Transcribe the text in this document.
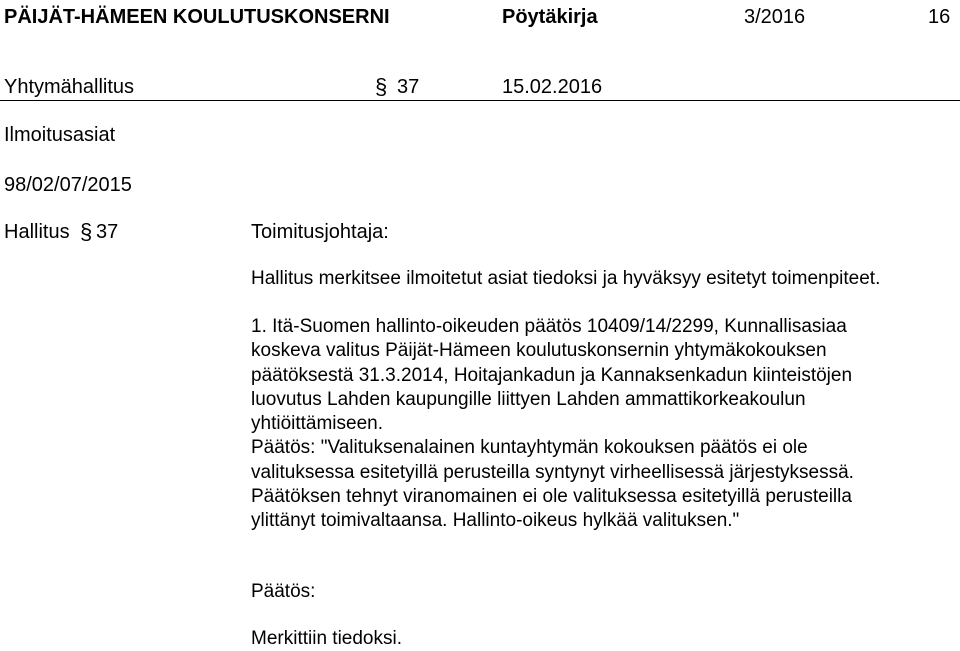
PÄIJÄT-HÄMEEN KOULUTUSKONSERNI	Pöytäkirja	3/2016	16
Yhtymähallitus	§ 37	15.02.2016
Ilmoitusasiat
98/02/07/2015
Hallitus § 37	Toimitusjohtaja:
Hallitus merkitsee ilmoitetut asiat tiedoksi ja hyväksyy esitetyt toimenpiteet.
1. Itä-Suomen hallinto-oikeuden päätös 10409/14/2299, Kunnallisasiaa
koskeva valitus Päijät-Hämeen koulutuskonsernin yhtymäkokouksen
päätöksestä 31.3.2014, Hoitajankadun ja Kannaksenkadun kiinteistöjen
luovutus Lahden kaupungille liittyen Lahden ammattikorkeakoulun
yhtiöittämiseen.
Päätös: "Valituksenalainen kuntayhtymän kokouksen päätös ei ole
valituksessa esitetyillä perusteilla syntynyt virheellisessä järjestyksessä.
Päätöksen tehnyt viranomainen ei ole valituksessa esitetyillä perusteilla
ylittänyt toimivaltaansa. Hallinto-oikeus hylkää valituksen."
Päätös:
Merkittiin tiedoksi.
